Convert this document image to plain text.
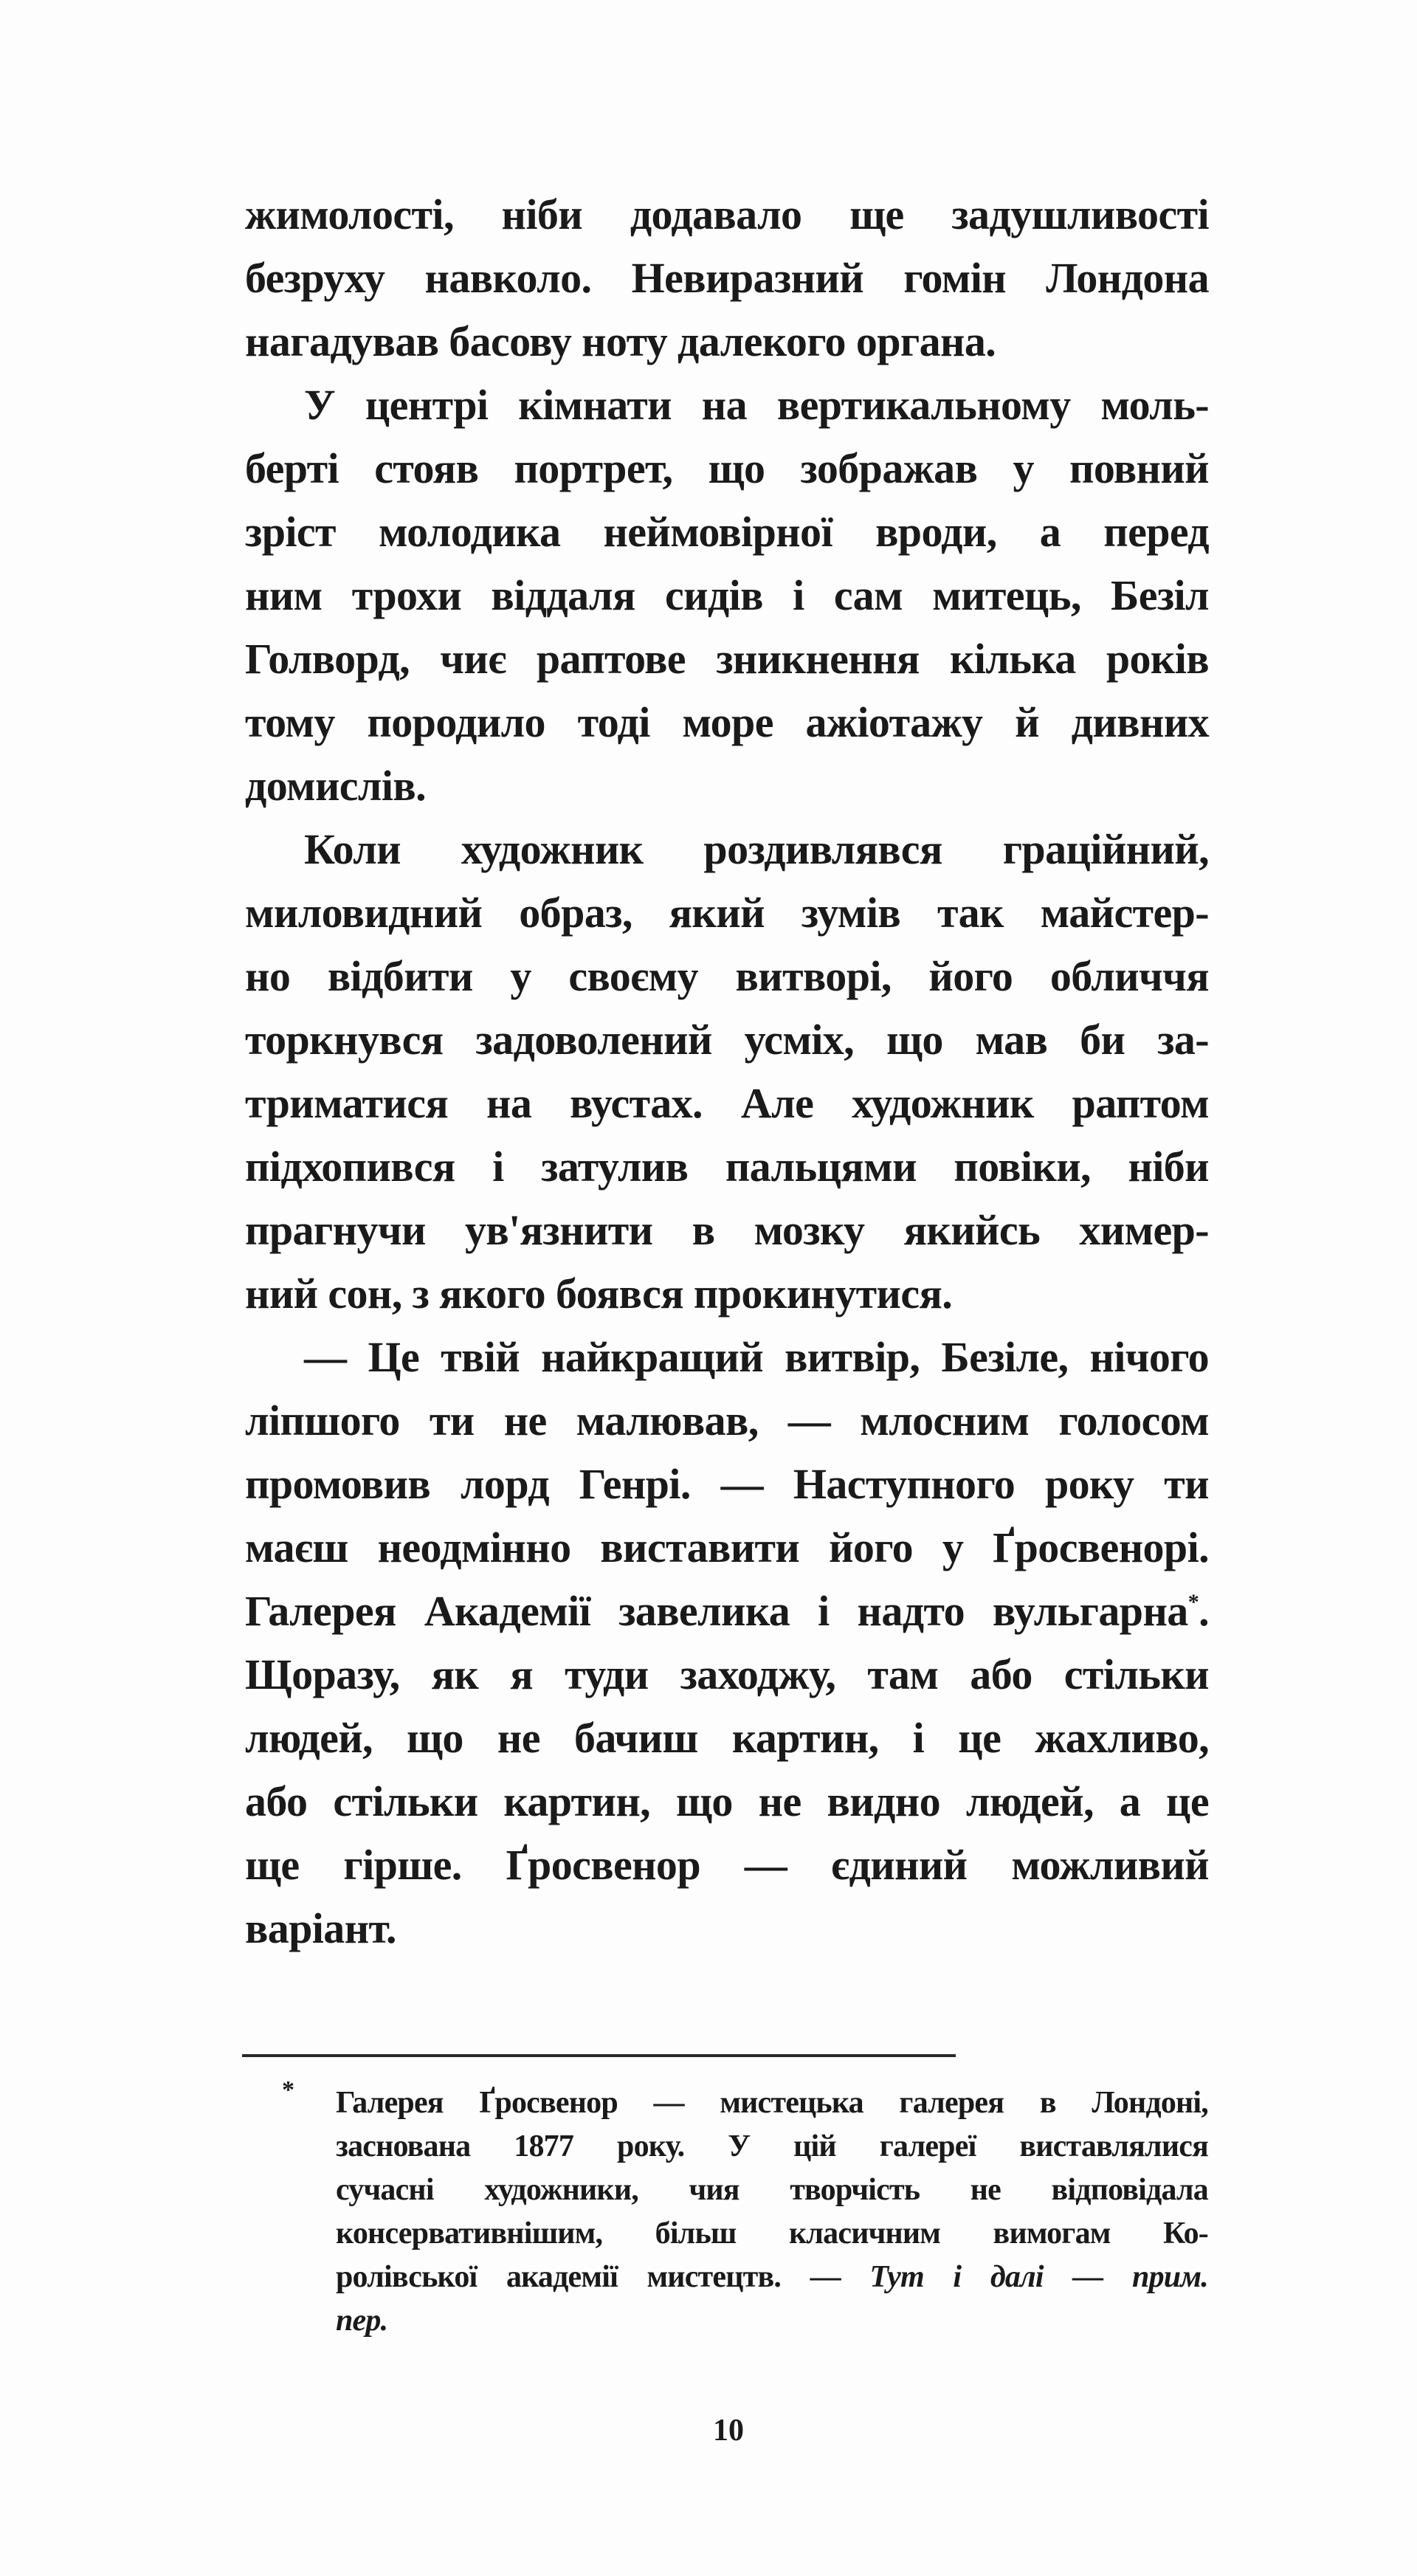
жимолості, ніби додавало ще задушливості
безруху навколо. Невиразний гомін Лондона
нагадував басову ноту далекого органа.
У центрі кімнати на вертикальному моль-
берті стояв портрет, що зображав у повний
зріст молодика неймовірної вроди, а перед
ним трохи віддаля сидів і сам митець, Безіл
Голворд, чиє раптове зникнення кілька років
тому породило тоді море ажіотажу й дивних
домислів.
Коли художник роздивлявся граційний,
миловидний образ, який зумів так майстер-
но відбити у своєму витворі, його обличчя
торкнувся задоволений усміх, що мав би за-
триматися на вустах. Але художник раптом
підхопився і затулив пальцями повіки, ніби
прагнучи ув'язнити в мозку якийсь химер-
ний сон, з якого боявся прокинутися.
— Це твій найкращий витвір, Безіле, нічого
ліпшого ти не малював, — млосним голосом
промовив лорд Генрі. — Наступного року ти
маєш неодмінно виставити його у Ґросвенорі.
Галерея Академії завелика і надто вульгарна*.
Щоразу, як я туди заходжу, там або стільки
людей, що не бачиш картин, і це жахливо,
або стільки картин, що не видно людей, а це
ще гірше. Ґросвенор — єдиний можливий
варіант.
* Галерея Ґросвенор — мистецька галерея в Лондоні,
заснована 1877 року. У цій галереї виставлялися
сучасні художники, чия творчість не відповідала
консервативнішим, більш класичним вимогам Ко-
ролівської академії мистецтв. — Тут і далі — прим.
пер.
10
